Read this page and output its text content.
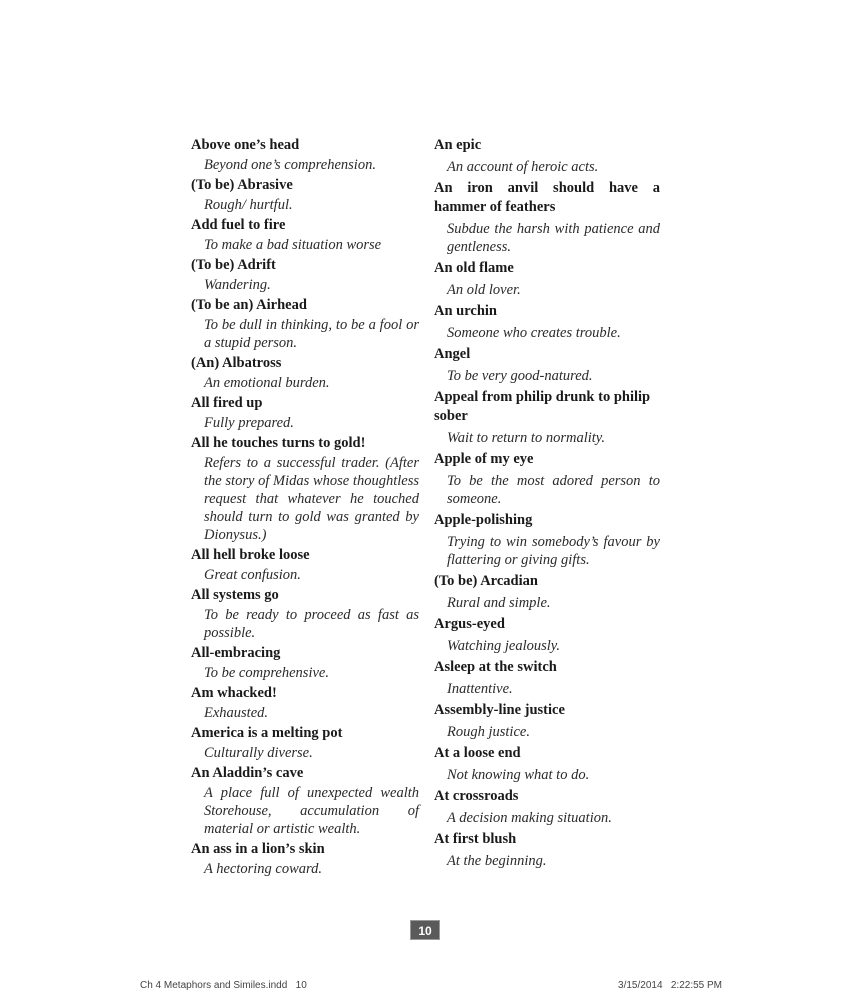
Above one’s head
Beyond one’s comprehension.
(To be) Abrasive
Rough/ hurtful.
Add fuel to fire
To make a bad situation worse
(To be) Adrift
Wandering.
(To be an) Airhead
To be dull in thinking, to be a fool or a stupid person.
(An) Albatross
An emotional burden.
All fired up
Fully prepared.
All he touches turns to gold!
Refers to a successful trader. (After the story of Midas whose thoughtless request that whatever he touched should turn to gold was granted by Dionysus.)
All hell broke loose
Great confusion.
All systems go
To be ready to proceed as fast as possible.
All-embracing
To be comprehensive.
Am whacked!
Exhausted.
America is a melting pot
Culturally diverse.
An Aladdin’s cave
A place full of unexpected wealth Storehouse, accumulation of material or artistic wealth.
An ass in a lion’s skin
A hectoring coward.
An epic
An account of heroic acts.
An iron anvil should have a hammer of feathers
Subdue the harsh with patience and gentleness.
An old flame
An old lover.
An urchin
Someone who creates trouble.
Angel
To be very good-natured.
Appeal from philip drunk to philip sober
Wait to return to normality.
Apple of my eye
To be the most adored person to someone.
Apple-polishing
Trying to win somebody’s favour by flattering or giving gifts.
(To be) Arcadian
Rural and simple.
Argus-eyed
Watching jealously.
Asleep at the switch
Inattentive.
Assembly-line justice
Rough justice.
At a loose end
Not knowing what to do.
At crossroads
A decision making situation.
At first blush
At the beginning.
10
Ch 4 Metaphors and Similes.indd   10	3/15/2014   2:22:55 PM
